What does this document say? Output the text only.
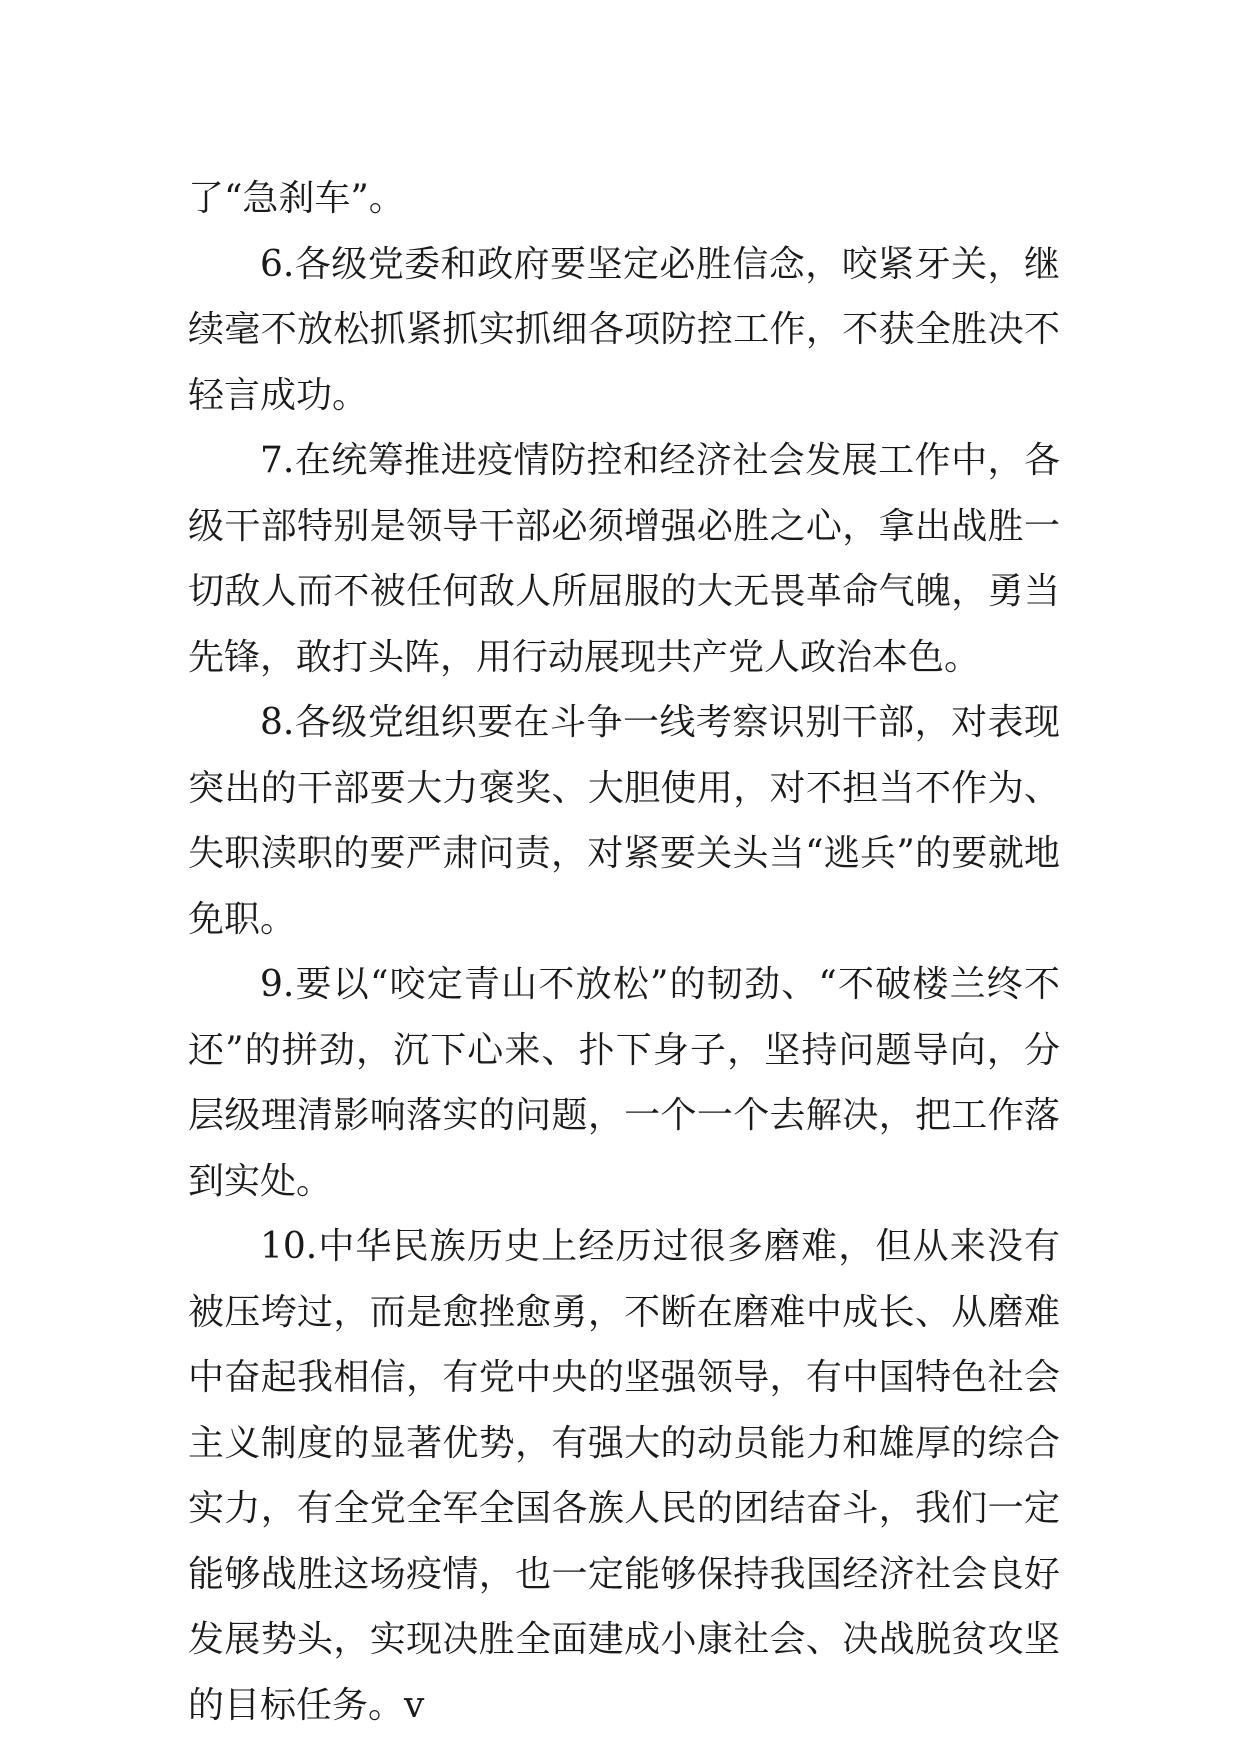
了“急刹车”。

6.各级党委和政府要坚定必胜信念，咬紧牙关，继续毫不放松抓紧抓实抓细各项防控工作，不获全胜决不轻言成功。

7.在统筹推进疫情防控和经济社会发展工作中，各级干部特别是领导干部必须增强必胜之心，拿出战胜一切敌人而不被任何敌人所屈服的大无畏革命气魄，勇当先锋，敢打头阵，用行动展现共产党人政治本色。

8.各级党组织要在斗争一线考察识别干部，对表现突出的干部要大力褒奖、大胆使用，对不担当不作为、失职渎职的要严肃问责，对紧要关头当“逃兵”的要就地免职。

9.要以“咬定青山不放松”的韧劲、“不破楼兰终不还”的拼劲，沉下心来、扑下身子，坚持问题导向，分层级理清影响落实的问题，一个一个去解决，把工作落到实处。

10.中华民族历史上经历过很多磨难，但从来没有被压垮过，而是愈挫愈勇，不断在磨难中成长、从磨难中奋起我相信，有党中央的坚强领导，有中国特色社会主义制度的显著优势，有强大的动员能力和雄厚的综合实力，有全党全军全国各族人民的团结奋斗，我们一定能够战胜这场疫情，也一定能够保持我国经济社会良好发展势头，实现决胜全面建成小康社会、决战脱贫攻坚的目标任务。v
